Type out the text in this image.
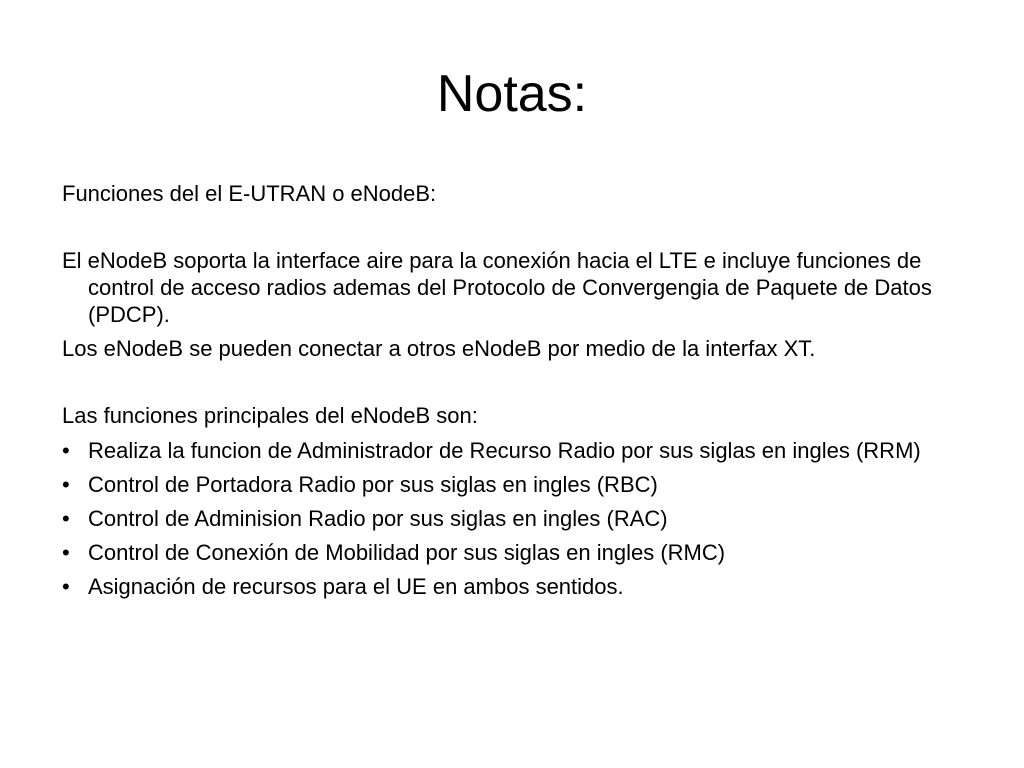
Notas:

Funciones del el E-UTRAN o eNodeB:

El eNodeB soporta la interface aire para la conexión hacia el LTE e incluye funciones de control de acceso radios ademas del Protocolo de Convergengia de Paquete de Datos (PDCP).

Los eNodeB se pueden conectar a otros eNodeB por medio de la interfax XT.

Las funciones principales del eNodeB son:

• Realiza la funcion de Administrador de Recurso Radio por sus siglas en ingles (RRM)
• Control de Portadora Radio por sus siglas en ingles (RBC)
• Control de Adminision Radio por sus siglas en ingles (RAC)
• Control de Conexión de Mobilidad por sus siglas en ingles (RMC)
• Asignación de recursos para el UE en ambos sentidos.
